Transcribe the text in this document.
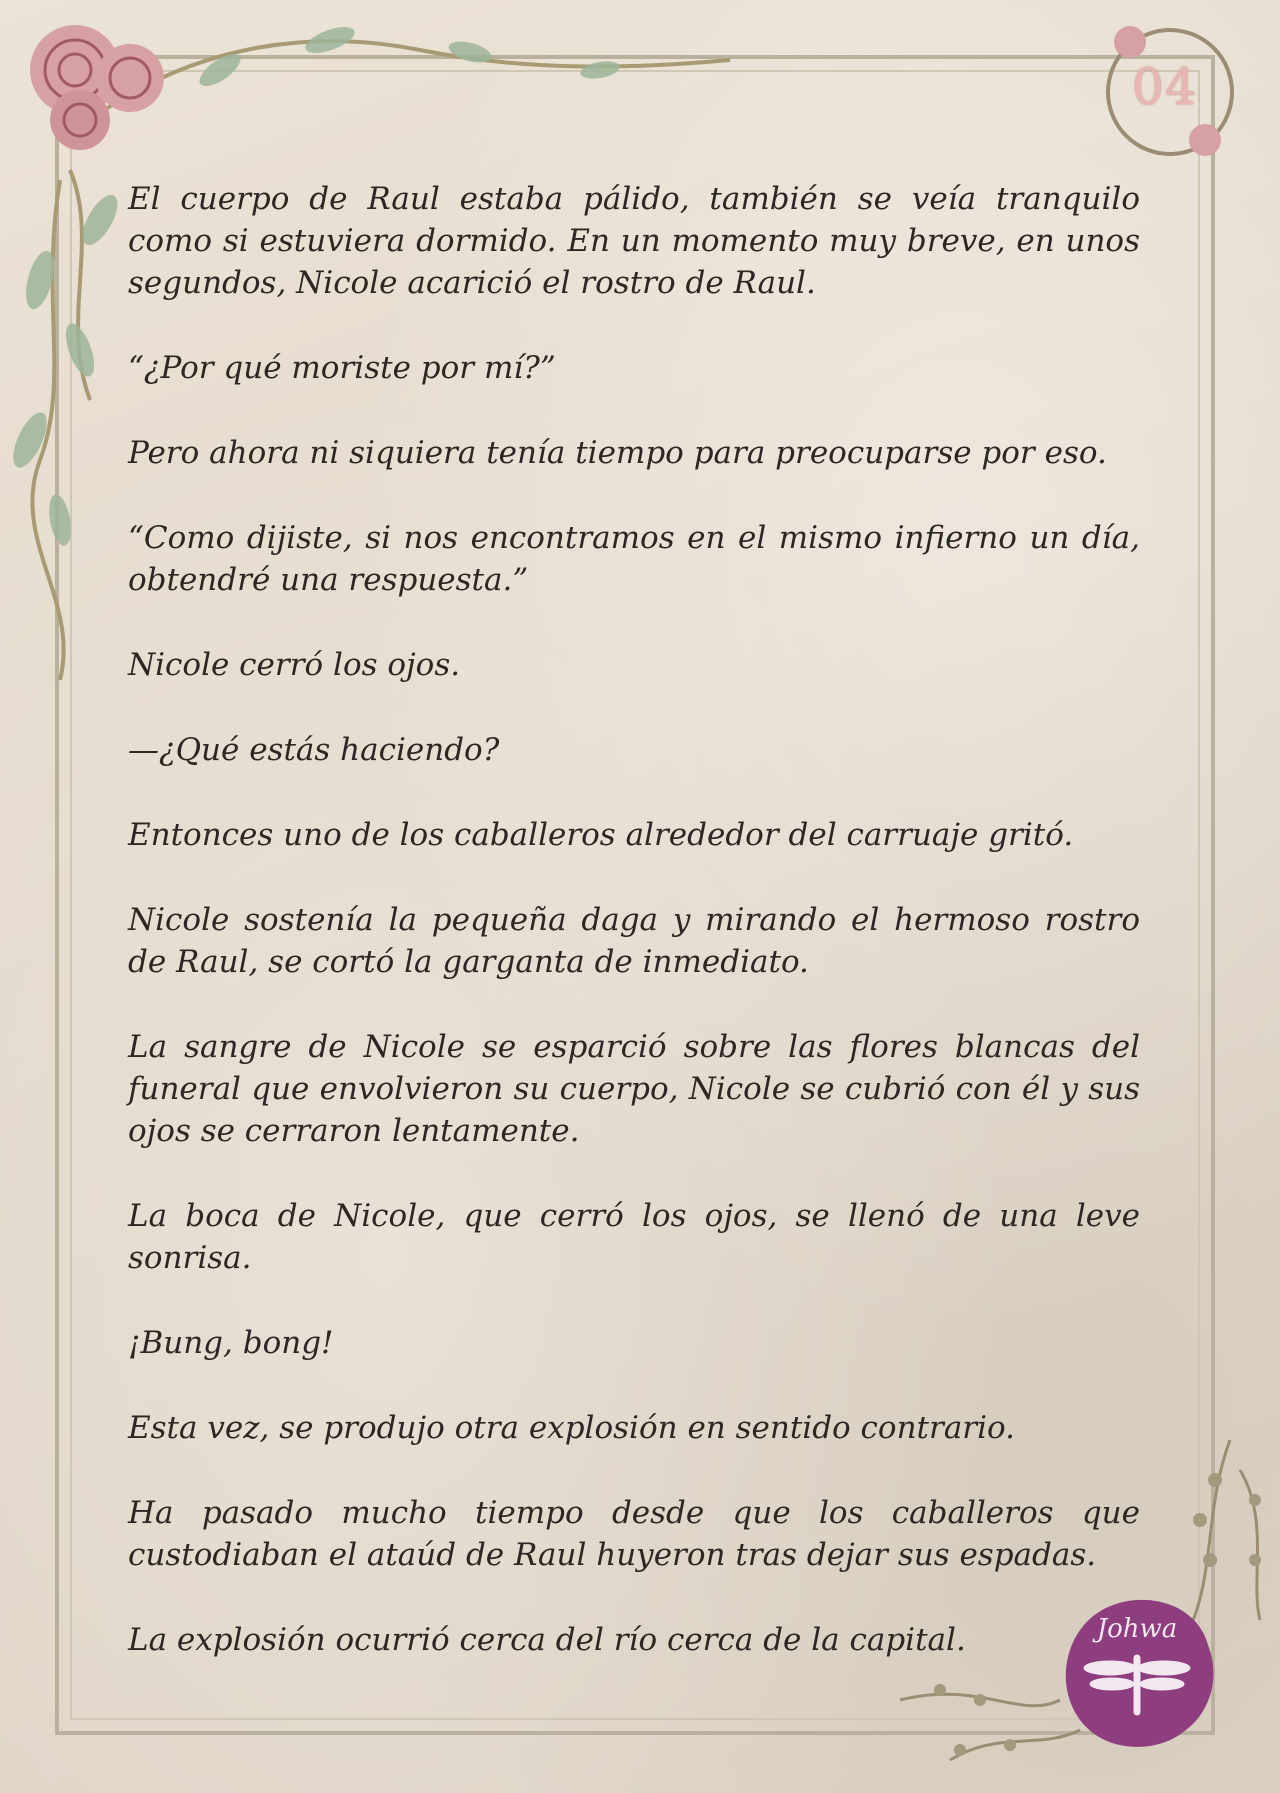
04
Johwa

El cuerpo de Raul estaba pálido, también se veía tranquilo como si estuviera dormido. En un momento muy breve, en unos segundos, Nicole acarició el rostro de Raul.

“¿Por qué moriste por mí?”

Pero ahora ni siquiera tenía tiempo para preocuparse por eso.

“Como dijiste, si nos encontramos en el mismo infierno un día, obtendré una respuesta.”

Nicole cerró los ojos.

—¿Qué estás haciendo?

Entonces uno de los caballeros alrededor del carruaje gritó.

Nicole sostenía la pequeña daga y mirando el hermoso rostro de Raul, se cortó la garganta de inmediato.

La sangre de Nicole se esparció sobre las flores blancas del funeral que envolvieron su cuerpo, Nicole se cubrió con él y sus ojos se cerraron lentamente.

La boca de Nicole, que cerró los ojos, se llenó de una leve sonrisa.

¡Bung, bong!

Esta vez, se produjo otra explosión en sentido contrario.

Ha pasado mucho tiempo desde que los caballeros que custodiaban el ataúd de Raul huyeron tras dejar sus espadas.

La explosión ocurrió cerca del río cerca de la capital.
